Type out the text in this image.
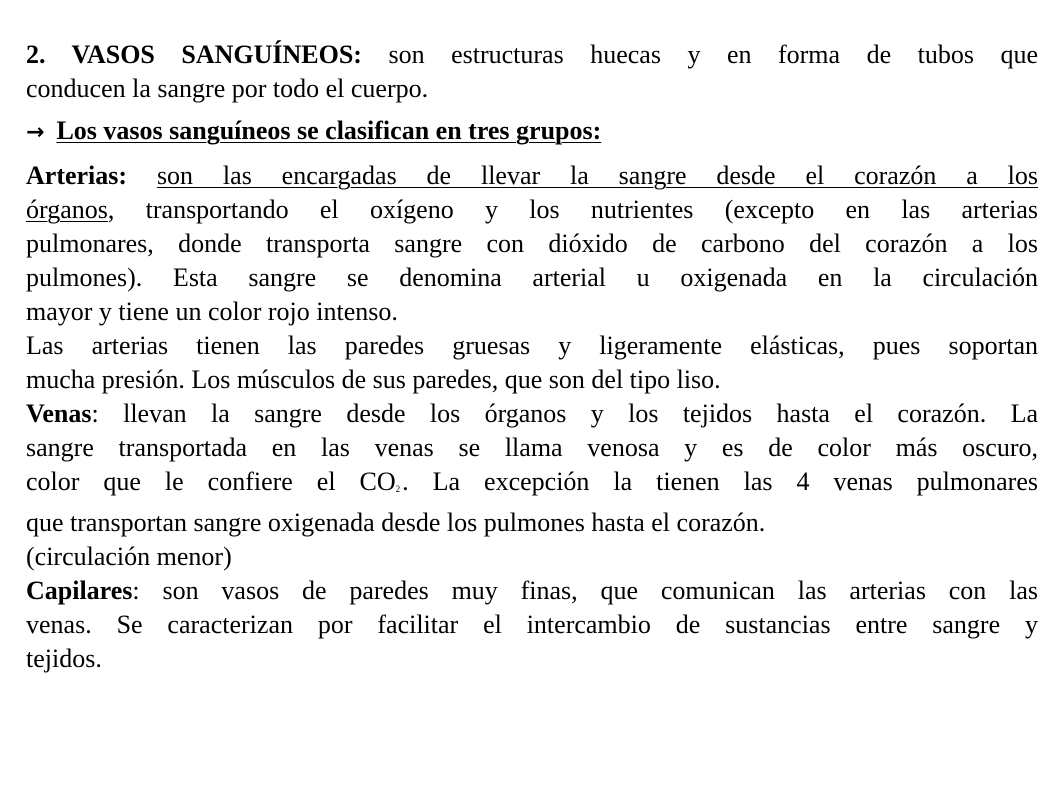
2. VASOS SANGUÍNEOS: son estructuras huecas y en forma de tubos que
conducen la sangre por todo el cuerpo.
→ Los vasos sanguíneos se clasifican en tres grupos:
Arterias: son las encargadas de llevar la sangre desde el corazón a los
órganos, transportando el oxígeno y los nutrientes (excepto en las arterias
pulmonares, donde transporta sangre con dióxido de carbono del corazón a los
pulmones). Esta sangre se denomina arterial u oxigenada en la circulación
mayor y tiene un color rojo intenso.
Las arterias tienen las paredes gruesas y ligeramente elásticas, pues soportan
mucha presión. Los músculos de sus paredes, que son del tipo liso.
Venas: llevan la sangre desde los órganos y los tejidos hasta el corazón. La
sangre transportada en las venas se llama venosa y es de color más oscuro,
color que le confiere el $CO_2$. La excepción la tienen las 4 venas pulmonares
que transportan sangre oxigenada desde los pulmones hasta el corazón.
(circulación menor)
Capilares: son vasos de paredes muy finas, que comunican las arterias con las
venas. Se caracterizan por facilitar el intercambio de sustancias entre sangre y
tejidos.
